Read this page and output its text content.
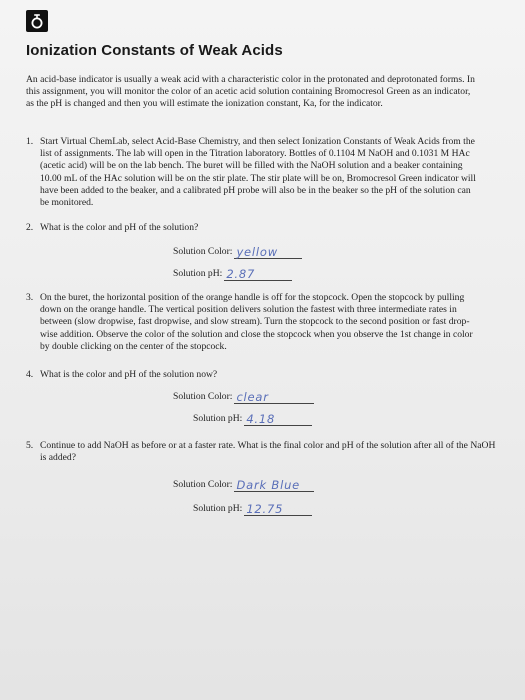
Ionization Constants of Weak Acids

An acid-base indicator is usually a weak acid with a characteristic color in the protonated and deprotonated forms. In this assignment, you will monitor the color of an acetic acid solution containing Bromocresol Green as an indicator, as the pH is changed and then you will estimate the ionization constant, Ka, for the indicator.

1. Start Virtual ChemLab, select Acid-Base Chemistry, and then select Ionization Constants of Weak Acids from the list of assignments. The lab will open in the Titration laboratory. Bottles of 0.1104 M NaOH and 0.1031 M HAc (acetic acid) will be on the lab bench. The buret will be filled with the NaOH solution and a beaker containing 10.00 mL of the HAc solution will be on the stir plate. The stir plate will be on, Bromocresol Green indicator will have been added to the beaker, and a calibrated pH probe will also be in the beaker so the pH of the solution can be monitored.
2. What is the color and pH of the solution?
Solution Color: yellow
Solution pH: 2.87
3. On the buret, the horizontal position of the orange handle is off for the stopcock. Open the stopcock by pulling down on the orange handle. The vertical position delivers solution the fastest with three intermediate rates in between (slow dropwise, fast dropwise, and slow stream). Turn the stopcock to the second position or fast drop-wise addition. Observe the color of the solution and close the stopcock when you observe the 1st change in color by double clicking on the center of the stopcock.
4. What is the color and pH of the solution now?
Solution Color: clear
Solution pH: 4.18
5. Continue to add NaOH as before or at a faster rate. What is the final color and pH of the solution after all of the NaOH is added?
Solution Color: Dark Blue
Solution pH: 12.75
